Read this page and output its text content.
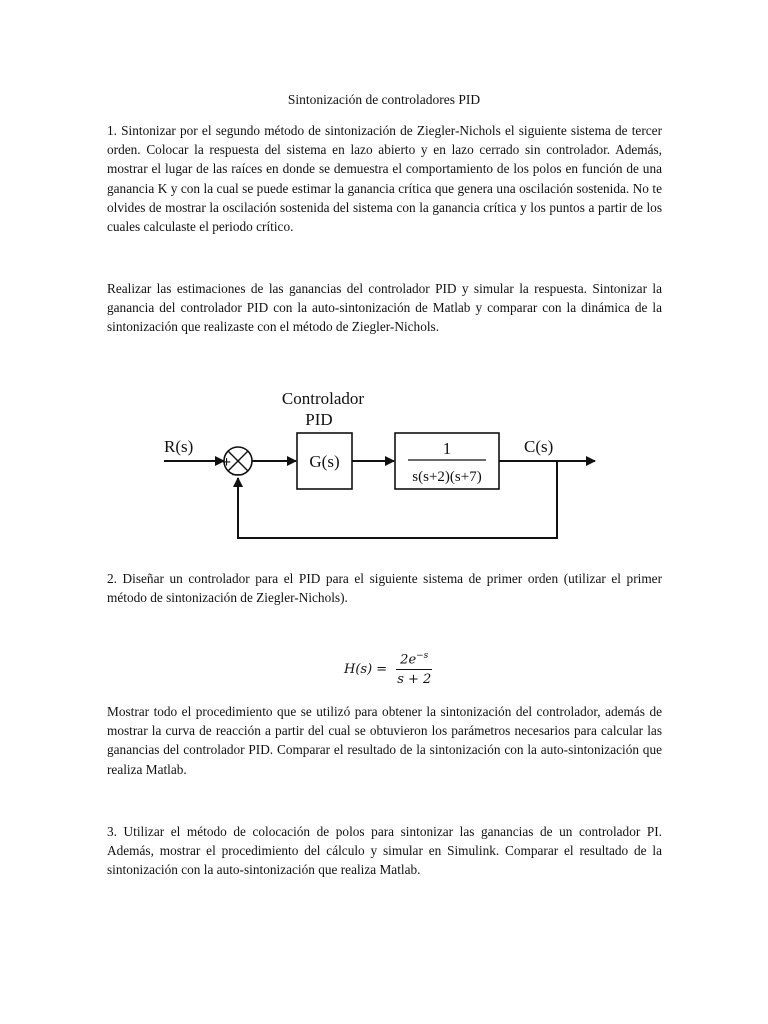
Sintonización de controladores PID

1. Sintonizar por el segundo método de sintonización de Ziegler-Nichols el siguiente sistema de tercer orden. Colocar la respuesta del sistema en lazo abierto y en lazo cerrado sin controlador. Además, mostrar el lugar de las raíces en donde se demuestra el comportamiento de los polos en función de una ganancia K y con la cual se puede estimar la ganancia crítica que genera una oscilación sostenida. No te olvides de mostrar la oscilación sostenida del sistema con la ganancia crítica y los puntos a partir de los cuales calculaste el periodo crítico.

Realizar las estimaciones de las ganancias del controlador PID y simular la respuesta. Sintonizar la ganancia del controlador PID con la auto-sintonización de Matlab y comparar con la dinámica de la sintonización que realizaste con el método de Ziegler-Nichols.

Controlador
PID
R(s)	C(s)
+
−
G(s)
1
s(s+2)(s+7)

2. Diseñar un controlador para el PID para el siguiente sistema de primer orden (utilizar el primer método de sintonización de Ziegler-Nichols).

$H(s) = \frac{2e^{-s}}{s + 2}$

Mostrar todo el procedimiento que se utilizó para obtener la sintonización del controlador, además de mostrar la curva de reacción a partir del cual se obtuvieron los parámetros necesarios para calcular las ganancias del controlador PID. Comparar el resultado de la sintonización con la auto-sintonización que realiza Matlab.

3. Utilizar el método de colocación de polos para sintonizar las ganancias de un controlador PI. Además, mostrar el procedimiento del cálculo y simular en Simulink. Comparar el resultado de la sintonización con la auto-sintonización que realiza Matlab.
